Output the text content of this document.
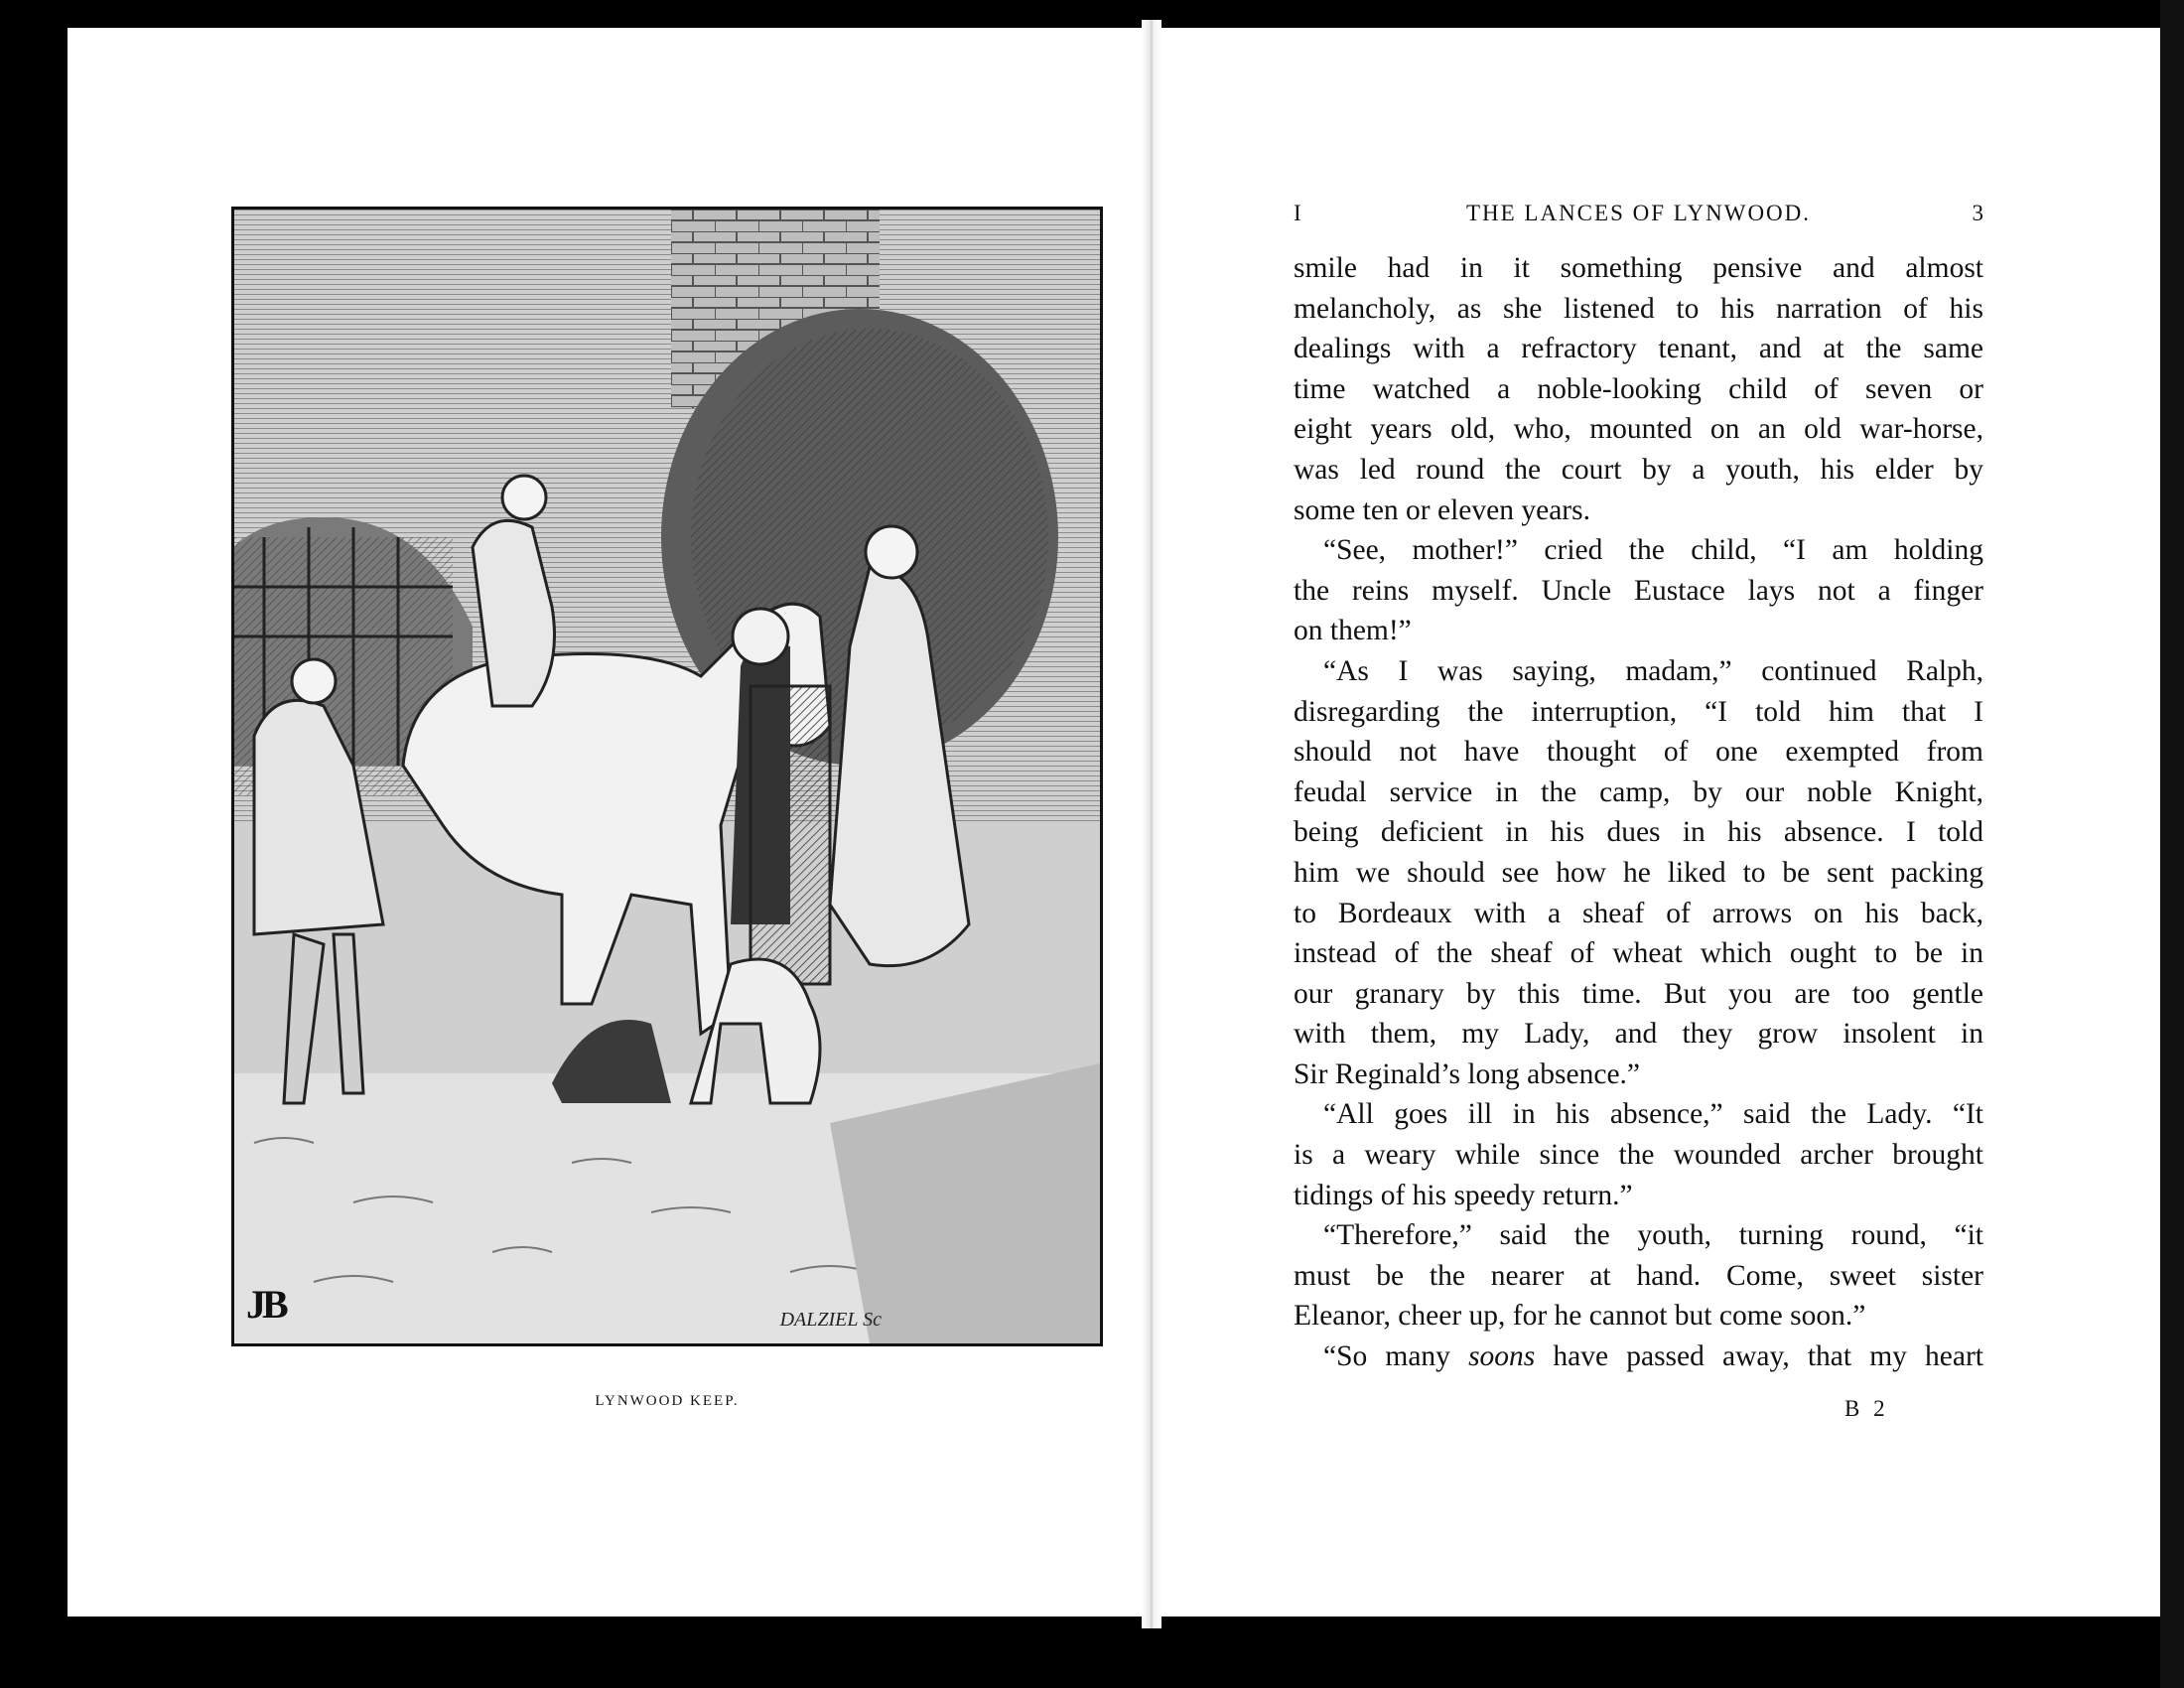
JB	DALZIEL Sc
LYNWOOD KEEP.
I	THE LANCES OF LYNWOOD.	3
smile had in it something pensive and almost
melancholy, as she listened to his narration of his
dealings with a refractory tenant, and at the same
time watched a noble-looking child of seven or
eight years old, who, mounted on an old war-horse,
was led round the court by a youth, his elder by
some ten or eleven years.
“See, mother!” cried the child, “I am holding
the reins myself. Uncle Eustace lays not a finger
on them!”
“As I was saying, madam,” continued Ralph,
disregarding the interruption, “I told him that I
should not have thought of one exempted from
feudal service in the camp, by our noble Knight,
being deficient in his dues in his absence. I told
him we should see how he liked to be sent packing
to Bordeaux with a sheaf of arrows on his back,
instead of the sheaf of wheat which ought to be in
our granary by this time. But you are too gentle
with them, my Lady, and they grow insolent in
Sir Reginald’s long absence.”
“All goes ill in his absence,” said the Lady. “It
is a weary while since the wounded archer brought
tidings of his speedy return.”
“Therefore,” said the youth, turning round, “it
must be the nearer at hand. Come, sweet sister
Eleanor, cheer up, for he cannot but come soon.”
“So many soons have passed away, that my heart
B 2
